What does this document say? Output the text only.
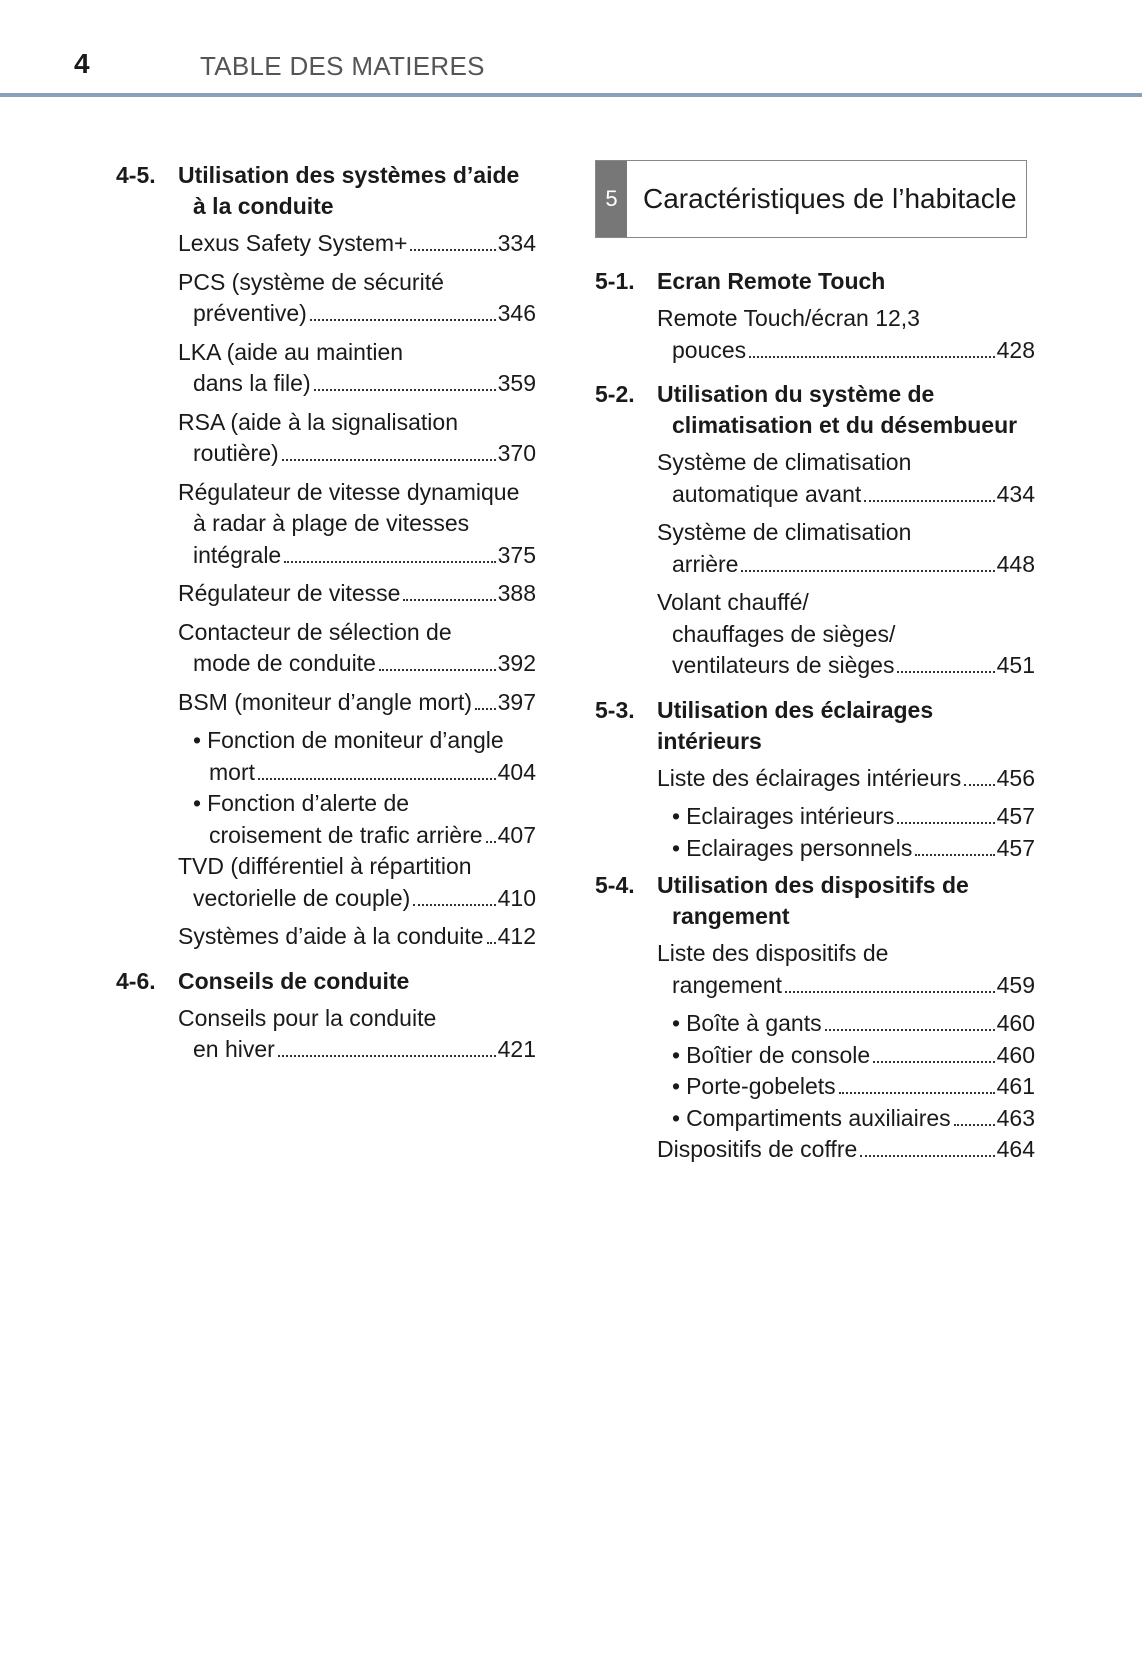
4	TABLE DES MATIERES
4-5. Utilisation des systèmes d’aide
à la conduite
Lexus Safety System+	334
PCS (système de sécurité
préventive)	346
LKA (aide au maintien
dans la file)	359
RSA (aide à la signalisation
routière)	370
Régulateur de vitesse dynamique
à radar à plage de vitesses
intégrale	375
Régulateur de vitesse	388
Contacteur de sélection de
mode de conduite	392
BSM (moniteur d’angle mort) 397
• Fonction de moniteur d’angle
mort	404
• Fonction d’alerte de
croisement de trafic arrière 407
TVD (différentiel à répartition
vectorielle de couple)	410
Systèmes d’aide à la conduite 412
4-6. Conseils de conduite
Conseils pour la conduite
en hiver	421
5 Caractéristiques de l’habitacle
5-1. Ecran Remote Touch
Remote Touch/écran 12,3
pouces	428
5-2. Utilisation du système de
climatisation et du désembueur
Système de climatisation
automatique avant	434
Système de climatisation
arrière	448
Volant chauffé/
chauffages de sièges/
ventilateurs de sièges	451
5-3. Utilisation des éclairages intérieurs
Liste des éclairages intérieurs 456
• Eclairages intérieurs	457
• Eclairages personnels	457
5-4. Utilisation des dispositifs de
rangement
Liste des dispositifs de
rangement	459
• Boîte à gants	460
• Boîtier de console	460
• Porte-gobelets	461
• Compartiments auxiliaires 463
Dispositifs de coffre	464
